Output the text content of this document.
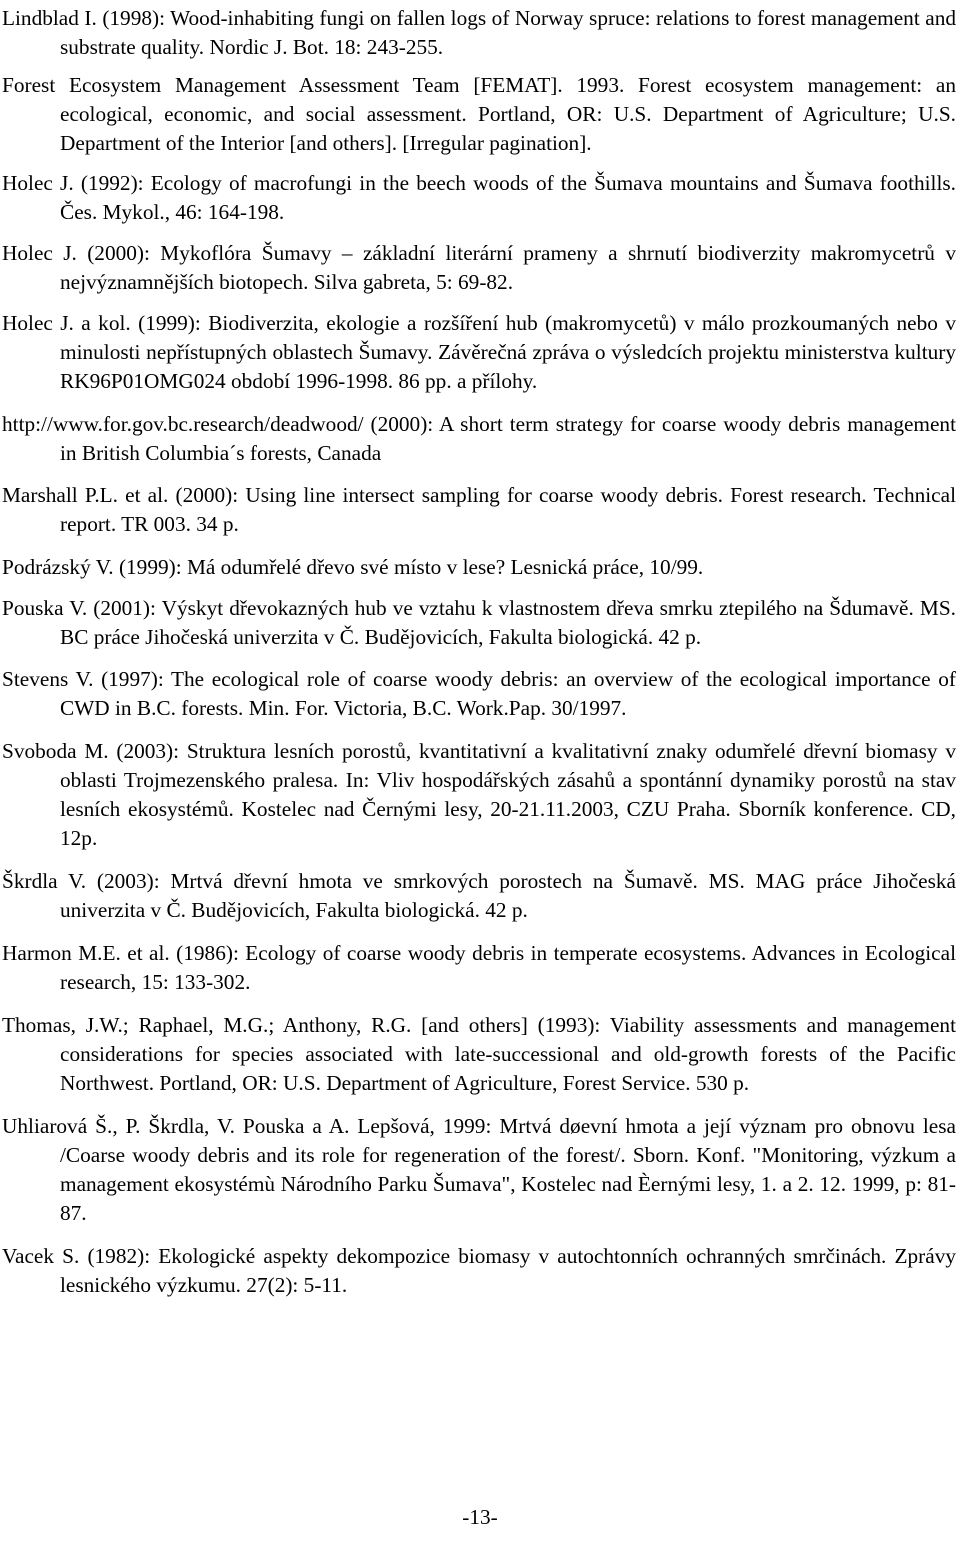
Lindblad I. (1998): Wood-inhabiting fungi on fallen logs of Norway spruce: relations to forest management and substrate quality. Nordic J. Bot. 18: 243-255.
Forest Ecosystem Management Assessment Team [FEMAT]. 1993. Forest ecosystem management: an ecological, economic, and social assessment. Portland, OR: U.S. Department of Agriculture; U.S. Department of the Interior [and others]. [Irregular pagination].
Holec J. (1992): Ecology of macrofungi in the beech woods of the Šumava mountains and Šumava foothills. Čes. Mykol., 46: 164-198.
Holec J. (2000): Mykoflóra Šumavy – základní literární prameny a shrnutí biodiverzity makromycetrů v nejvýznamnějších biotopech. Silva gabreta, 5: 69-82.
Holec J. a kol. (1999): Biodiverzita, ekologie a rozšíření hub (makromycetů) v málo prozkoumaných nebo v minulosti nepřístupných oblastech Šumavy. Závěrečná zpráva o výsledcích projektu ministerstva kultury RK96P01OMG024 období 1996-1998. 86 pp. a přílohy.
http://www.for.gov.bc.research/deadwood/ (2000): A short term strategy for coarse woody debris management in British Columbia´s forests, Canada
Marshall P.L. et al. (2000): Using line intersect sampling for coarse woody debris. Forest research. Technical report. TR 003. 34 p.
Podrázský V. (1999): Má odumřelé dřevo své místo v lese? Lesnická práce, 10/99.
Pouska V. (2001): Výskyt dřevokazných hub ve vztahu k vlastnostem dřeva smrku ztepilého na Šdumavě. MS. BC práce Jihočeská univerzita v Č. Budějovicích, Fakulta biologická. 42 p.
Stevens V. (1997): The ecological role of coarse woody debris: an overview of the ecological importance of CWD in B.C. forests. Min. For. Victoria, B.C. Work.Pap. 30/1997.
Svoboda M. (2003): Struktura lesních porostů, kvantitativní a kvalitativní znaky odumřelé dřevní biomasy v oblasti Trojmezenského pralesa. In: Vliv hospodářských zásahů a spontánní dynamiky porostů na stav lesních ekosystémů. Kostelec nad Černými lesy, 20-21.11.2003, CZU Praha. Sborník konference. CD, 12p.
Škrdla V. (2003): Mrtvá dřevní hmota ve smrkových porostech na Šumavě. MS. MAG práce Jihočeská univerzita v Č. Budějovicích, Fakulta biologická. 42 p.
Harmon M.E. et al. (1986): Ecology of coarse woody debris in temperate ecosystems. Advances in Ecological research, 15: 133-302.
Thomas, J.W.; Raphael, M.G.; Anthony, R.G. [and others] (1993): Viability assessments and management considerations for species associated with late-successional and old-growth forests of the Pacific Northwest. Portland, OR: U.S. Department of Agriculture, Forest Service. 530 p.
Uhliarová Š., P. Škrdla, V. Pouska a A. Lepšová, 1999: Mrtvá døevní hmota a její význam pro obnovu lesa /Coarse woody debris and its role for regeneration of the forest/. Sborn. Konf. "Monitoring, výzkum a management ekosystémù Národního Parku Šumava", Kostelec nad Èernými lesy, 1. a 2. 12. 1999, p: 81-87.
Vacek S. (1982): Ekologické aspekty dekompozice biomasy v autochtonních ochranných smrčinách. Zprávy lesnického výzkumu. 27(2): 5-11.
-13-
